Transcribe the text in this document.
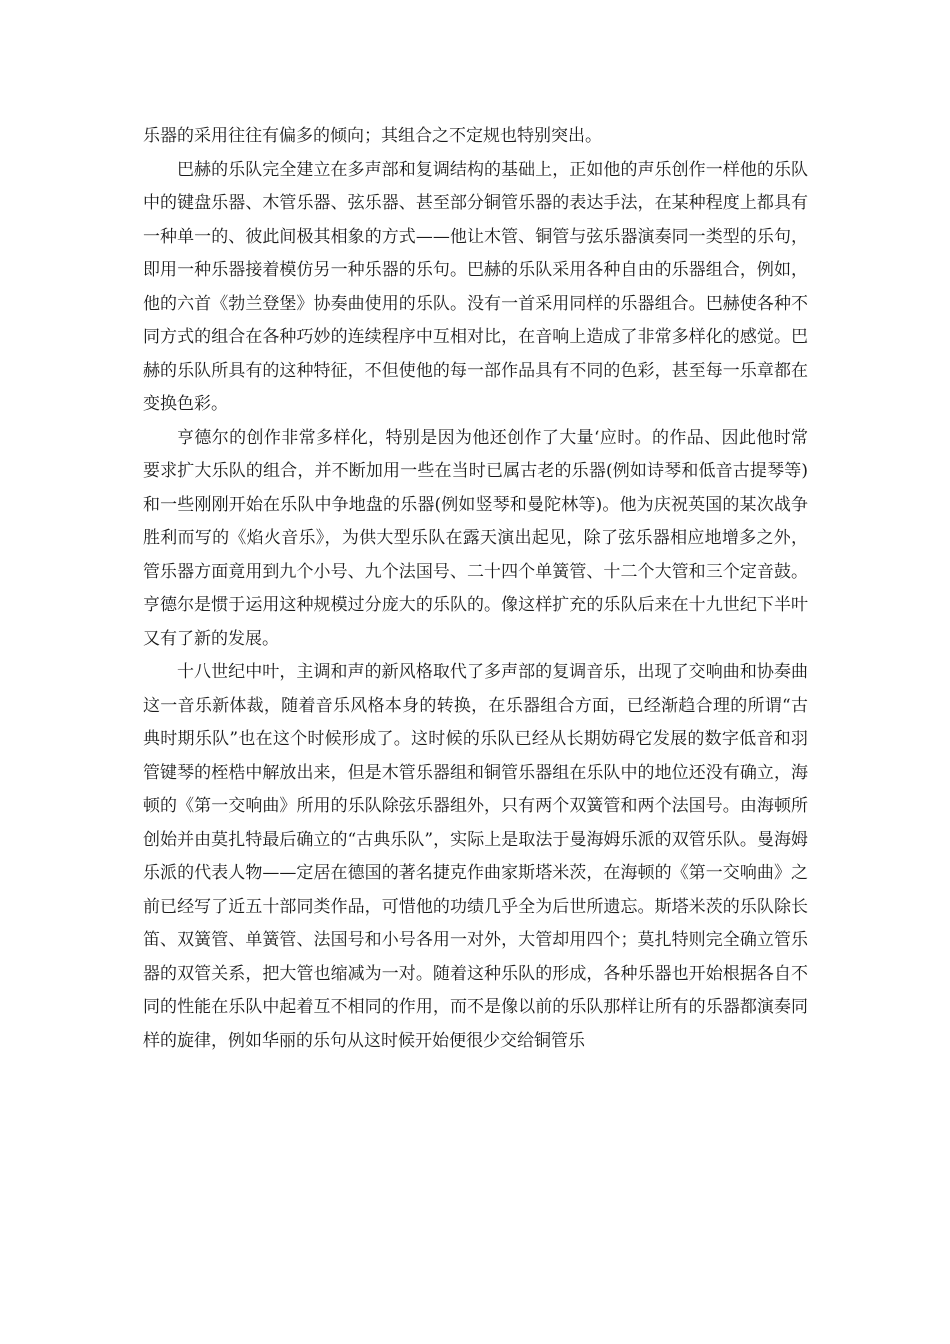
乐器的采用往往有偏多的倾向；其组合之不定规也特别突出。

巴赫的乐队完全建立在多声部和复调结构的基础上，正如他的声乐创作一样他的乐队中的键盘乐器、木管乐器、弦乐器、甚至部分铜管乐器的表达手法，在某种程度上都具有一种单一的、彼此间极其相象的方式——他让木管、铜管与弦乐器演奏同一类型的乐句，即用一种乐器接着模仿另一种乐器的乐句。巴赫的乐队采用各种自由的乐器组合，例如，他的六首《勃兰登堡》协奏曲使用的乐队。没有一首采用同样的乐器组合。巴赫使各种不同方式的组合在各种巧妙的连续程序中互相对比，在音响上造成了非常多样化的感觉。巴赫的乐队所具有的这种特征，不但使他的每一部作品具有不同的色彩，甚至每一乐章都在变换色彩。

亨德尔的创作非常多样化，特别是因为他还创作了大量‘应时。的作品、因此他时常要求扩大乐队的组合，并不断加用一些在当时已属古老的乐器(例如诗琴和低音古提琴等)和一些刚刚开始在乐队中争地盘的乐器(例如竖琴和曼陀林等)。他为庆祝英国的某次战争胜利而写的《焰火音乐》，为供大型乐队在露天演出起见，除了弦乐器相应地增多之外，管乐器方面竟用到九个小号、九个法国号、二十四个单簧管、十二个大管和三个定音鼓。亨德尔是惯于运用这种规模过分庞大的乐队的。像这样扩充的乐队后来在十九世纪下半叶又有了新的发展。

十八世纪中叶，主调和声的新风格取代了多声部的复调音乐，出现了交响曲和协奏曲这一音乐新体裁，随着音乐风格本身的转换，在乐器组合方面，已经渐趋合理的所谓“古典时期乐队”也在这个时候形成了。这时候的乐队已经从长期妨碍它发展的数字低音和羽管键琴的桎梏中解放出来，但是木管乐器组和铜管乐器组在乐队中的地位还没有确立，海顿的《第一交响曲》所用的乐队除弦乐器组外，只有两个双簧管和两个法国号。由海顿所创始并由莫扎特最后确立的“古典乐队”，实际上是取法于曼海姆乐派的双管乐队。曼海姆乐派的代表人物——定居在德国的著名捷克作曲家斯塔米茨，在海顿的《第一交响曲》之前已经写了近五十部同类作品，可惜他的功绩几乎全为后世所遗忘。斯塔米茨的乐队除长笛、双簧管、单簧管、法国号和小号各用一对外，大管却用四个；莫扎特则完全确立管乐器的双管关系，把大管也缩减为一对。随着这种乐队的形成，各种乐器也开始根据各自不同的性能在乐队中起着互不相同的作用，而不是像以前的乐队那样让所有的乐器都演奏同样的旋律，例如华丽的乐句从这时候开始便很少交给铜管乐
